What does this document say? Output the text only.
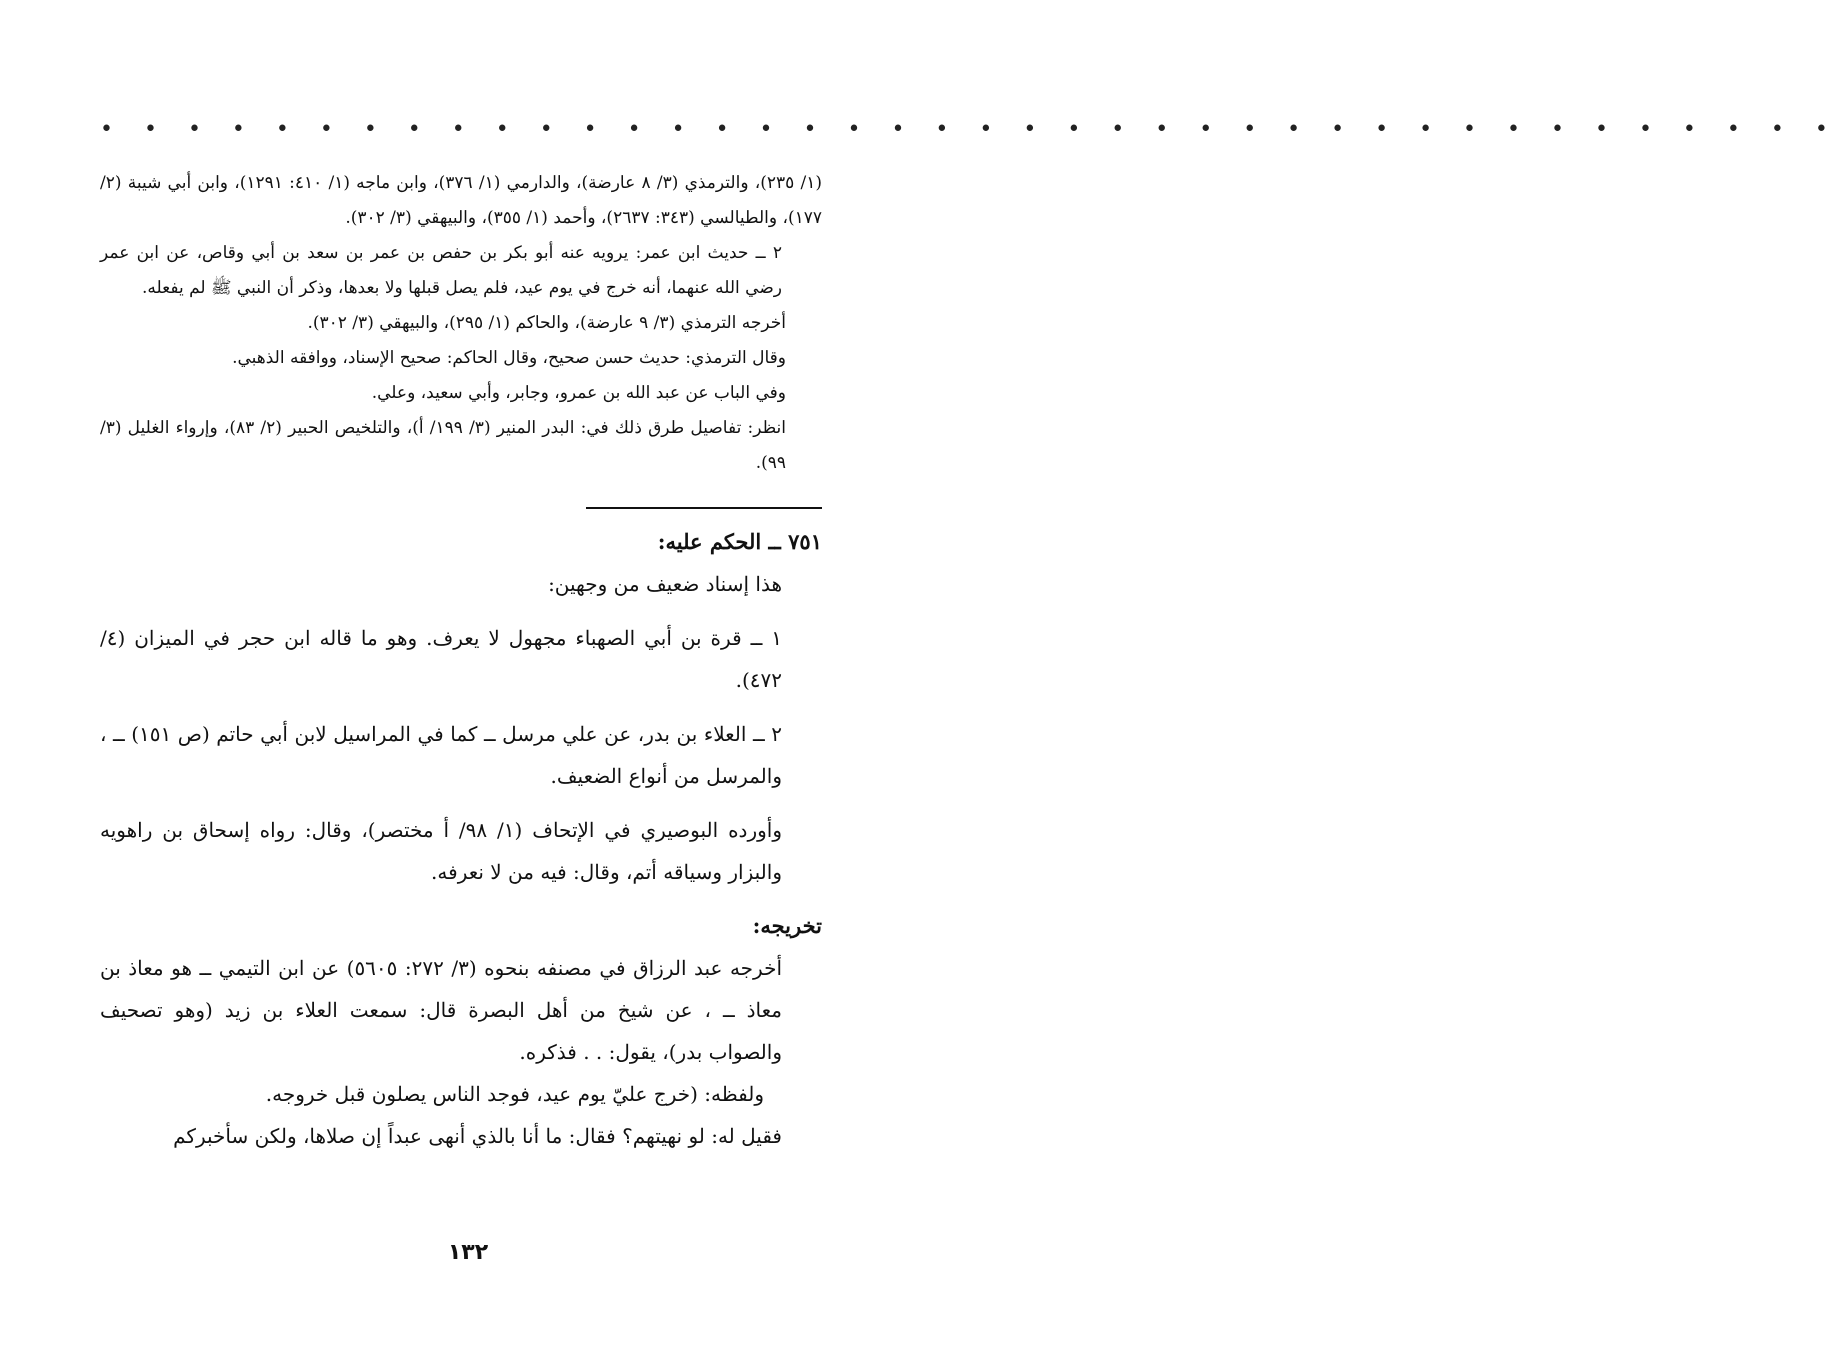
• • • • • • • • • • • • • • • • • • • • • • • • • • • • • • • • • • • • • • • •

(١/ ٢٣٥)، والترمذي (٣/ ٨ عارضة)، والدارمي (١/ ٣٧٦)، وابن ماجه (١/ ٤١٠: ١٢٩١)، وابن أبي شيبة (٢/ ١٧٧)، والطيالسي (٣٤٣: ٢٦٣٧)، وأحمد (١/ ٣٥٥)، والبيهقي (٣/ ٣٠٢).

٢ ــ حديث ابن عمر: يرويه عنه أبو بكر بن حفص بن عمر بن سعد بن أبي وقاص، عن ابن عمر رضي الله عنهما، أنه خرج في يوم عيد، فلم يصل قبلها ولا بعدها، وذكر أن النبي ﷺ لم يفعله.

أخرجه الترمذي (٣/ ٩ عارضة)، والحاكم (١/ ٢٩٥)، والبيهقي (٣/ ٣٠٢).

وقال الترمذي: حديث حسن صحيح، وقال الحاكم: صحيح الإسناد، ووافقه الذهبي.

وفي الباب عن عبد الله بن عمرو، وجابر، وأبي سعيد، وعلي.

انظر: تفاصيل طرق ذلك في: البدر المنير (٣/ ١٩٩/ أ)، والتلخيص الحبير (٢/ ٨٣)، وإرواء الغليل (٣/ ٩٩).

٧٥١ ــ الحكم عليه:

هذا إسناد ضعيف من وجهين:

١ ــ قرة بن أبي الصهباء مجهول لا يعرف. وهو ما قاله ابن حجر في الميزان (٤/ ٤٧٢).

٢ ــ العلاء بن بدر، عن علي مرسل ــ كما في المراسيل لابن أبي حاتم (ص ١٥١) ــ ، والمرسل من أنواع الضعيف.

وأورده البوصيري في الإتحاف (١/ ٩٨/ أ مختصر)، وقال: رواه إسحاق بن راهويه والبزار وسياقه أتم، وقال: فيه من لا نعرفه.

تخريجه:

أخرجه عبد الرزاق في مصنفه بنحوه (٣/ ٢٧٢: ٥٦٠٥) عن ابن التيمي ــ هو معاذ بن معاذ ــ ، عن شيخ من أهل البصرة قال: سمعت العلاء بن زيد (وهو تصحيف والصواب بدر)، يقول: . . فذكره.

ولفظه: (خرج عليّ يوم عيد، فوجد الناس يصلون قبل خروجه.

فقيل له: لو نهيتهم؟ فقال: ما أنا بالذي أنهى عبداً إن صلاها، ولكن سأخبركم

١٣٢
